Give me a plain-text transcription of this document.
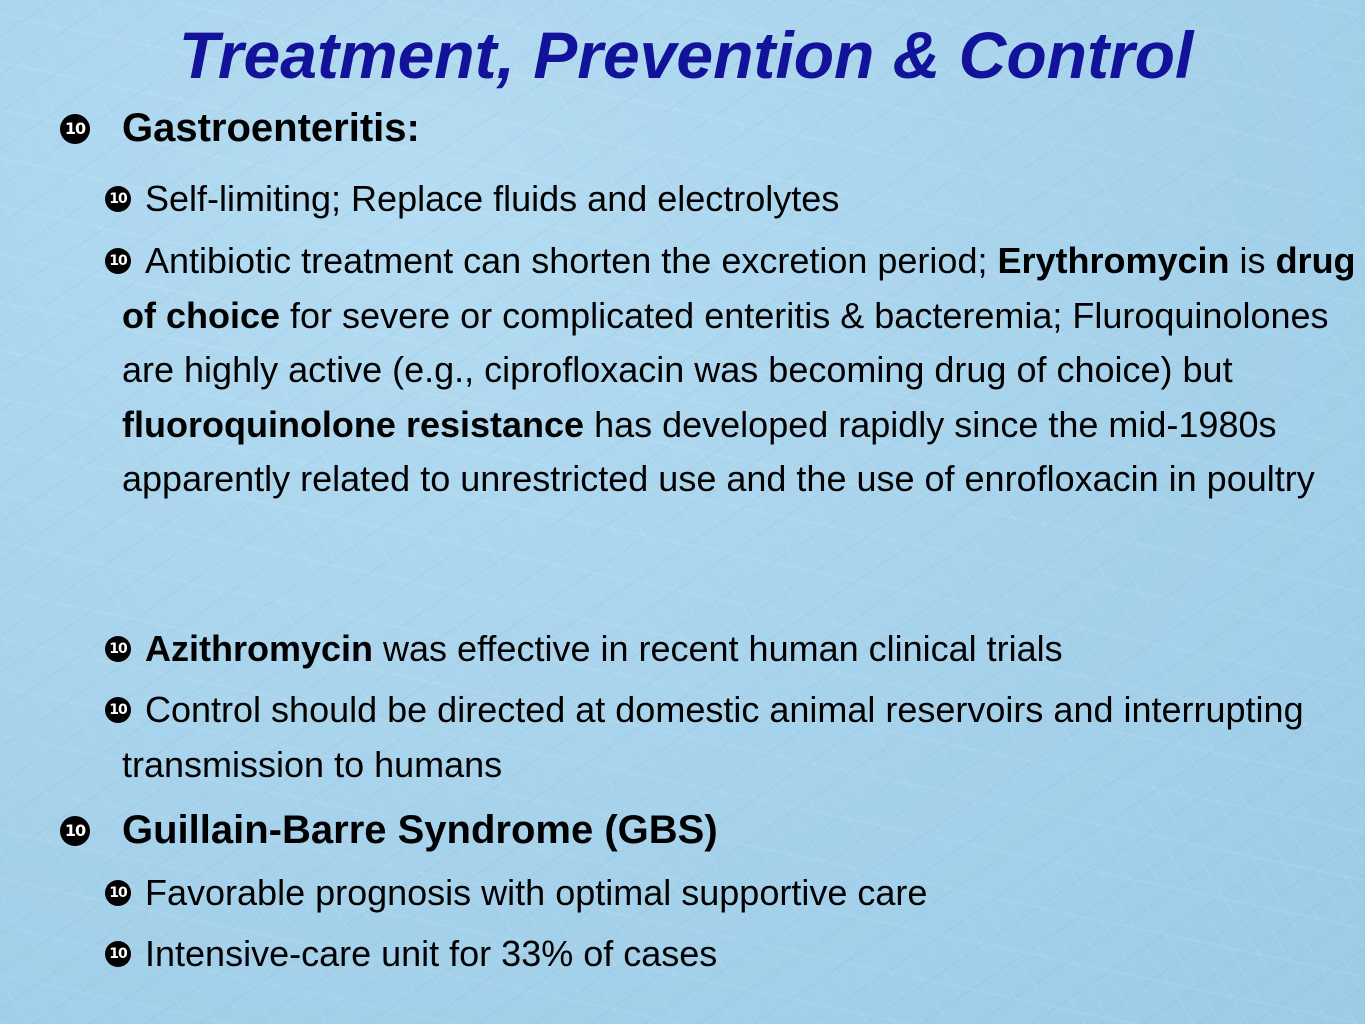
Treatment, Prevention & Control
10 Gastroenteritis:
10 Self-limiting; Replace fluids and electrolytes
10 Antibiotic treatment can shorten the excretion period; Erythromycin is drug of choice for severe or complicated enteritis & bacteremia; Fluroquinolones are highly active (e.g., ciprofloxacin was becoming drug of choice) but fluoroquinolone resistance has developed rapidly since the mid-1980s apparently related to unrestricted use and the use of enrofloxacin in poultry
10 Azithromycin was effective in recent human clinical trials
10 Control should be directed at domestic animal reservoirs and interrupting transmission to humans
10 Guillain-Barre Syndrome (GBS)
10 Favorable prognosis with optimal supportive care
10 Intensive-care unit for 33% of cases
